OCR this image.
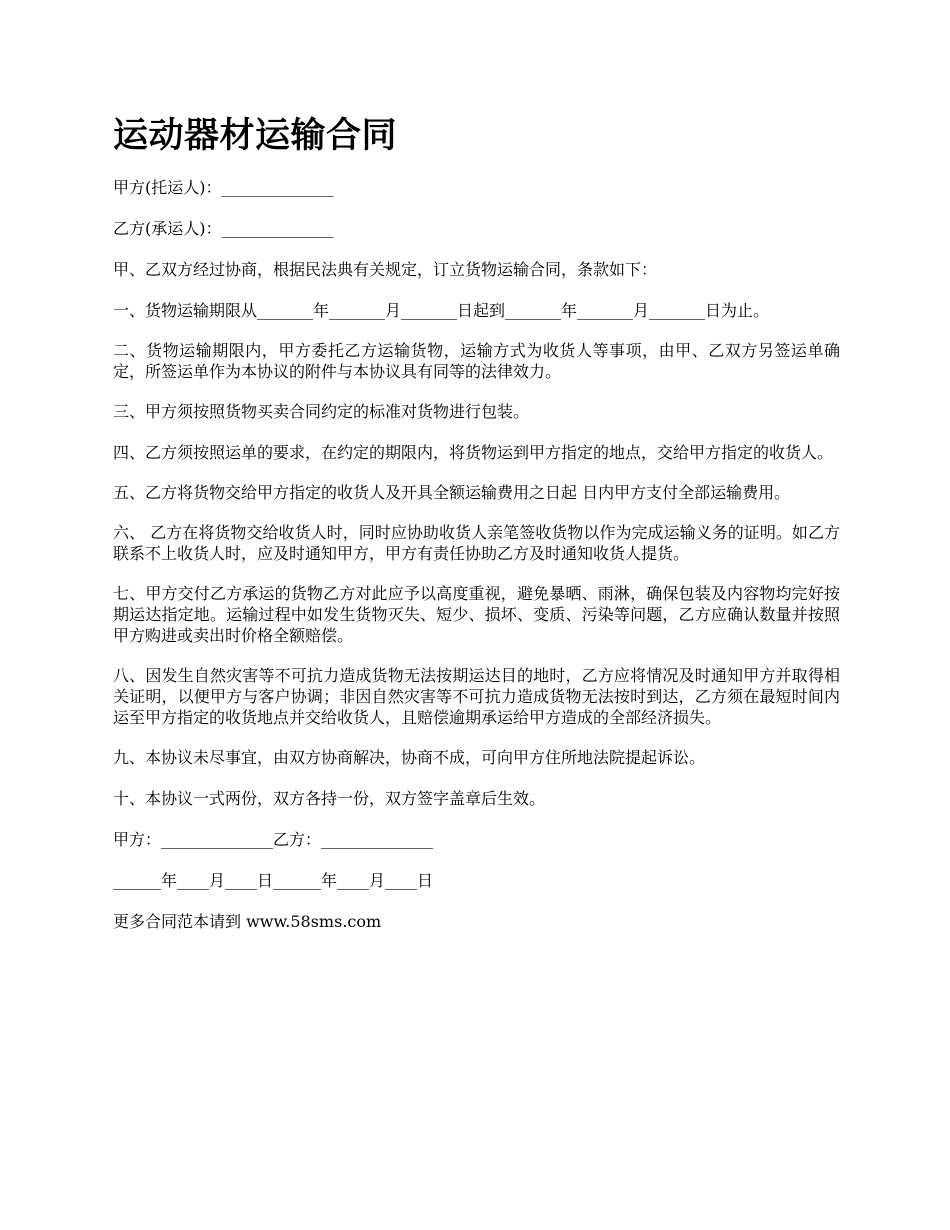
运动器材运输合同

甲方(托运人)：______________

乙方(承运人)：______________

甲、乙双方经过协商，根据民法典有关规定，订立货物运输合同，条款如下：

一、货物运输期限从_______年_______月_______日起到_______年_______月_______日为止。

二、货物运输期限内，甲方委托乙方运输货物，运输方式为收货人等事项，由甲、乙双方另签运单确定，所签运单作为本协议的附件与本协议具有同等的法律效力。

三、甲方须按照货物买卖合同约定的标准对货物进行包装。

四、乙方须按照运单的要求，在约定的期限内，将货物运到甲方指定的地点，交给甲方指定的收货人。

五、乙方将货物交给甲方指定的收货人及开具全额运输费用之日起 日内甲方支付全部运输费用。

六、 乙方在将货物交给收货人时，同时应协助收货人亲笔签收货物以作为完成运输义务的证明。如乙方联系不上收货人时，应及时通知甲方，甲方有责任协助乙方及时通知收货人提货。

七、甲方交付乙方承运的货物乙方对此应予以高度重视，避免暴晒、雨淋，确保包装及内容物均完好按期运达指定地。运输过程中如发生货物灭失、短少、损坏、变质、污染等问题，乙方应确认数量并按照甲方购进或卖出时价格全额赔偿。

八、因发生自然灾害等不可抗力造成货物无法按期运达目的地时，乙方应将情况及时通知甲方并取得相关证明，以便甲方与客户协调；非因自然灾害等不可抗力造成货物无法按时到达，乙方须在最短时间内运至甲方指定的收货地点并交给收货人，且赔偿逾期承运给甲方造成的全部经济损失。

九、本协议未尽事宜，由双方协商解决，协商不成，可向甲方住所地法院提起诉讼。

十、本协议一式两份，双方各持一份，双方签字盖章后生效。

甲方：______________乙方：______________

______年____月____日______年____月____日

更多合同范本请到 www.58sms.com
